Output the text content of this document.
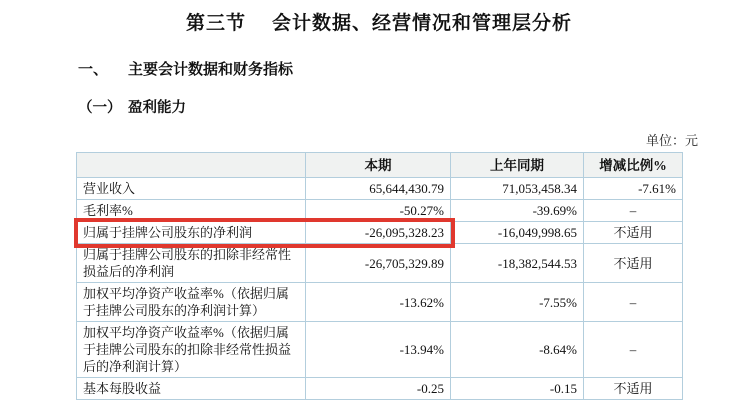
第三节 会计数据、经营情况和管理层分析
一、 主要会计数据和财务指标
（一） 盈利能力
单位：元
	本期	上年同期	增减比例%
营业收入	65,644,430.79	71,053,458.34	-7.61%
毛利率%	-50.27%	-39.69%	–
归属于挂牌公司股东的净利润	-26,095,328.23	-16,049,998.65	不适用
归属于挂牌公司股东的扣除非经常性损益后的净利润	-26,705,329.89	-18,382,544.53	不适用
加权平均净资产收益率%（依据归属于挂牌公司股东的净利润计算）	-13.62%	-7.55%	–
加权平均净资产收益率%（依据归属于挂牌公司股东的扣除非经常性损益后的净利润计算）	-13.94%	-8.64%	–
基本每股收益	-0.25	-0.15	不适用
